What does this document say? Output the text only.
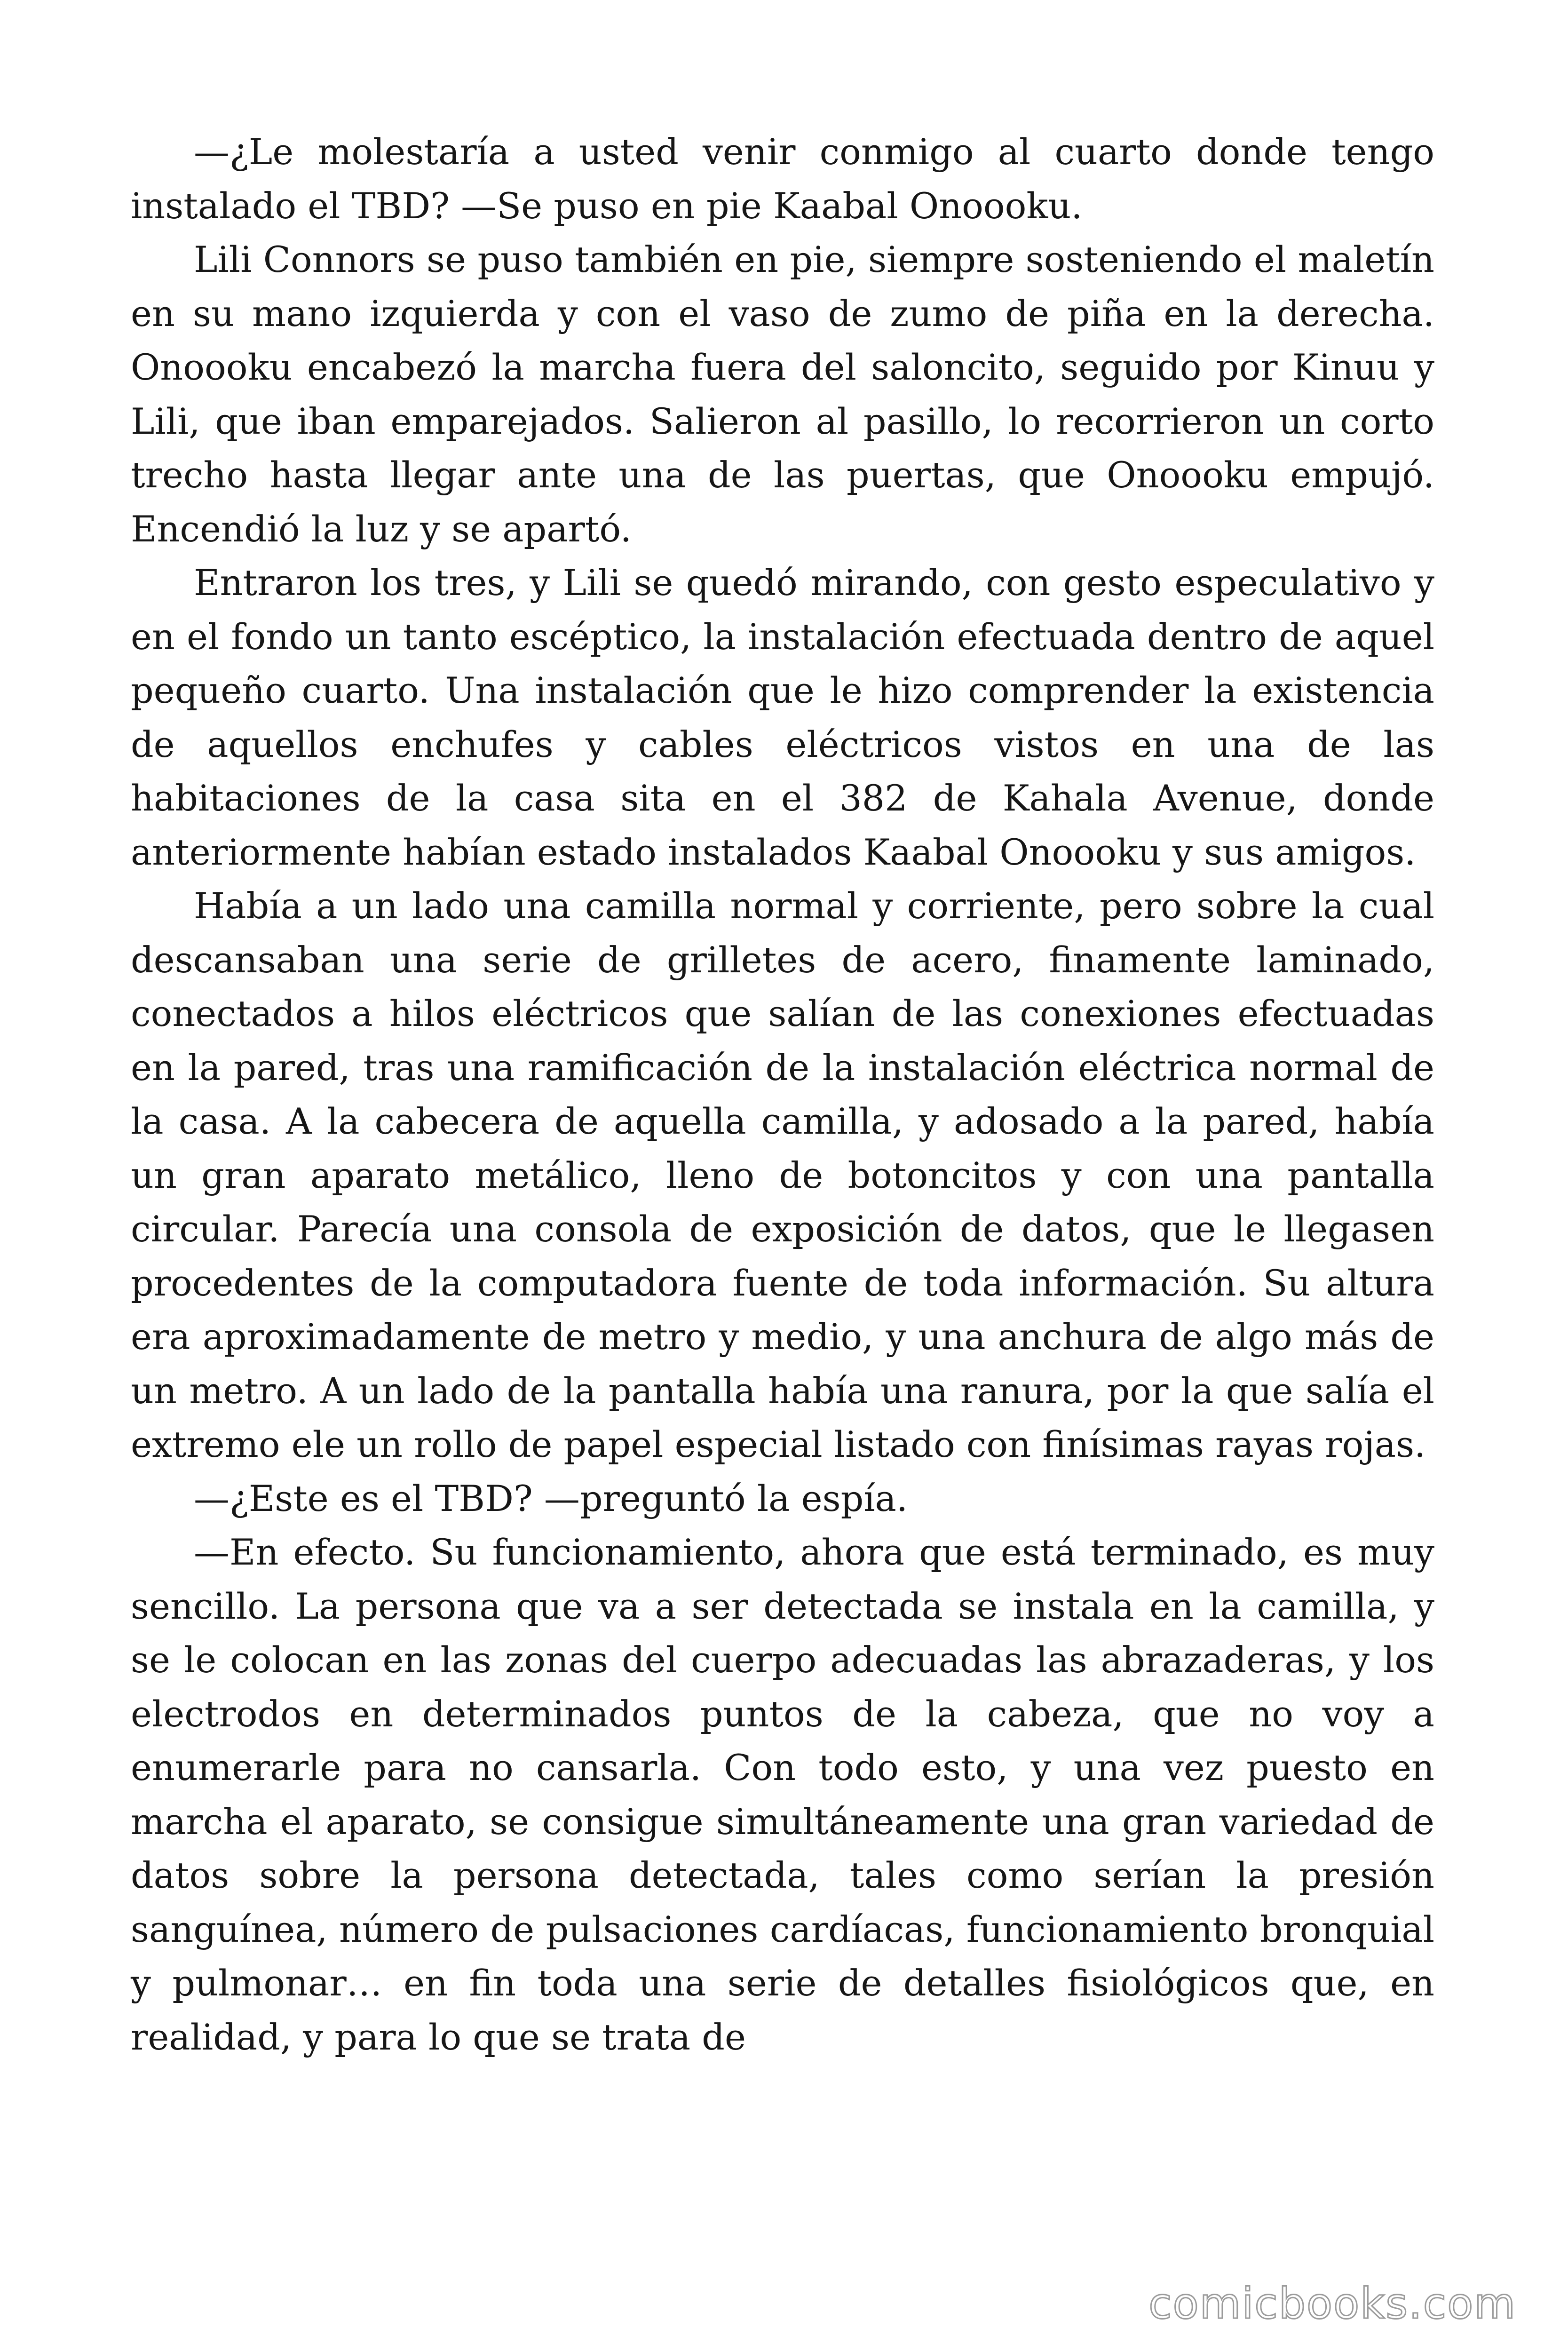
—¿Le molestaría a usted venir conmigo al cuarto donde tengo instalado el TBD? —Se puso en pie Kaabal Onoooku.

Lili Connors se puso también en pie, siempre sosteniendo el maletín en su mano izquierda y con el vaso de zumo de piña en la derecha. Onoooku encabezó la marcha fuera del saloncito, seguido por Kinuu y Lili, que iban emparejados. Salieron al pasillo, lo recorrieron un corto trecho hasta llegar ante una de las puertas, que Onoooku empujó. Encendió la luz y se apartó.

Entraron los tres, y Lili se quedó mirando, con gesto especulativo y en el fondo un tanto escéptico, la instalación efectuada dentro de aquel pequeño cuarto. Una instalación que le hizo comprender la existencia de aquellos enchufes y cables eléctricos vistos en una de las habitaciones de la casa sita en el 382 de Kahala Avenue, donde anteriormente habían estado instalados Kaabal Onoooku y sus amigos.

Había a un lado una camilla normal y corriente, pero sobre la cual descansaban una serie de grilletes de acero, finamente laminado, conectados a hilos eléctricos que salían de las conexiones efectuadas en la pared, tras una ramificación de la instalación eléctrica normal de la casa. A la cabecera de aquella camilla, y adosado a la pared, había un gran aparato metálico, lleno de botoncitos y con una pantalla circular. Parecía una consola de exposición de datos, que le llegasen procedentes de la computadora fuente de toda información. Su altura era aproximadamente de metro y medio, y una anchura de algo más de un metro. A un lado de la pantalla había una ranura, por la que salía el extremo ele un rollo de papel especial listado con finísimas rayas rojas.

—¿Este es el TBD? —preguntó la espía.

—En efecto. Su funcionamiento, ahora que está terminado, es muy sencillo. La persona que va a ser detectada se instala en la camilla, y se le colocan en las zonas del cuerpo adecuadas las abrazaderas, y los electrodos en determinados puntos de la cabeza, que no voy a enumerarle para no cansarla. Con todo esto, y una vez puesto en marcha el aparato, se consigue simultáneamente una gran variedad de datos sobre la persona detectada, tales como serían la presión sanguínea, número de pulsaciones cardíacas, funcionamiento bronquial y pulmonar… en fin toda una serie de detalles fisiológicos que, en realidad, y para lo que se trata de

comicbooks.com
